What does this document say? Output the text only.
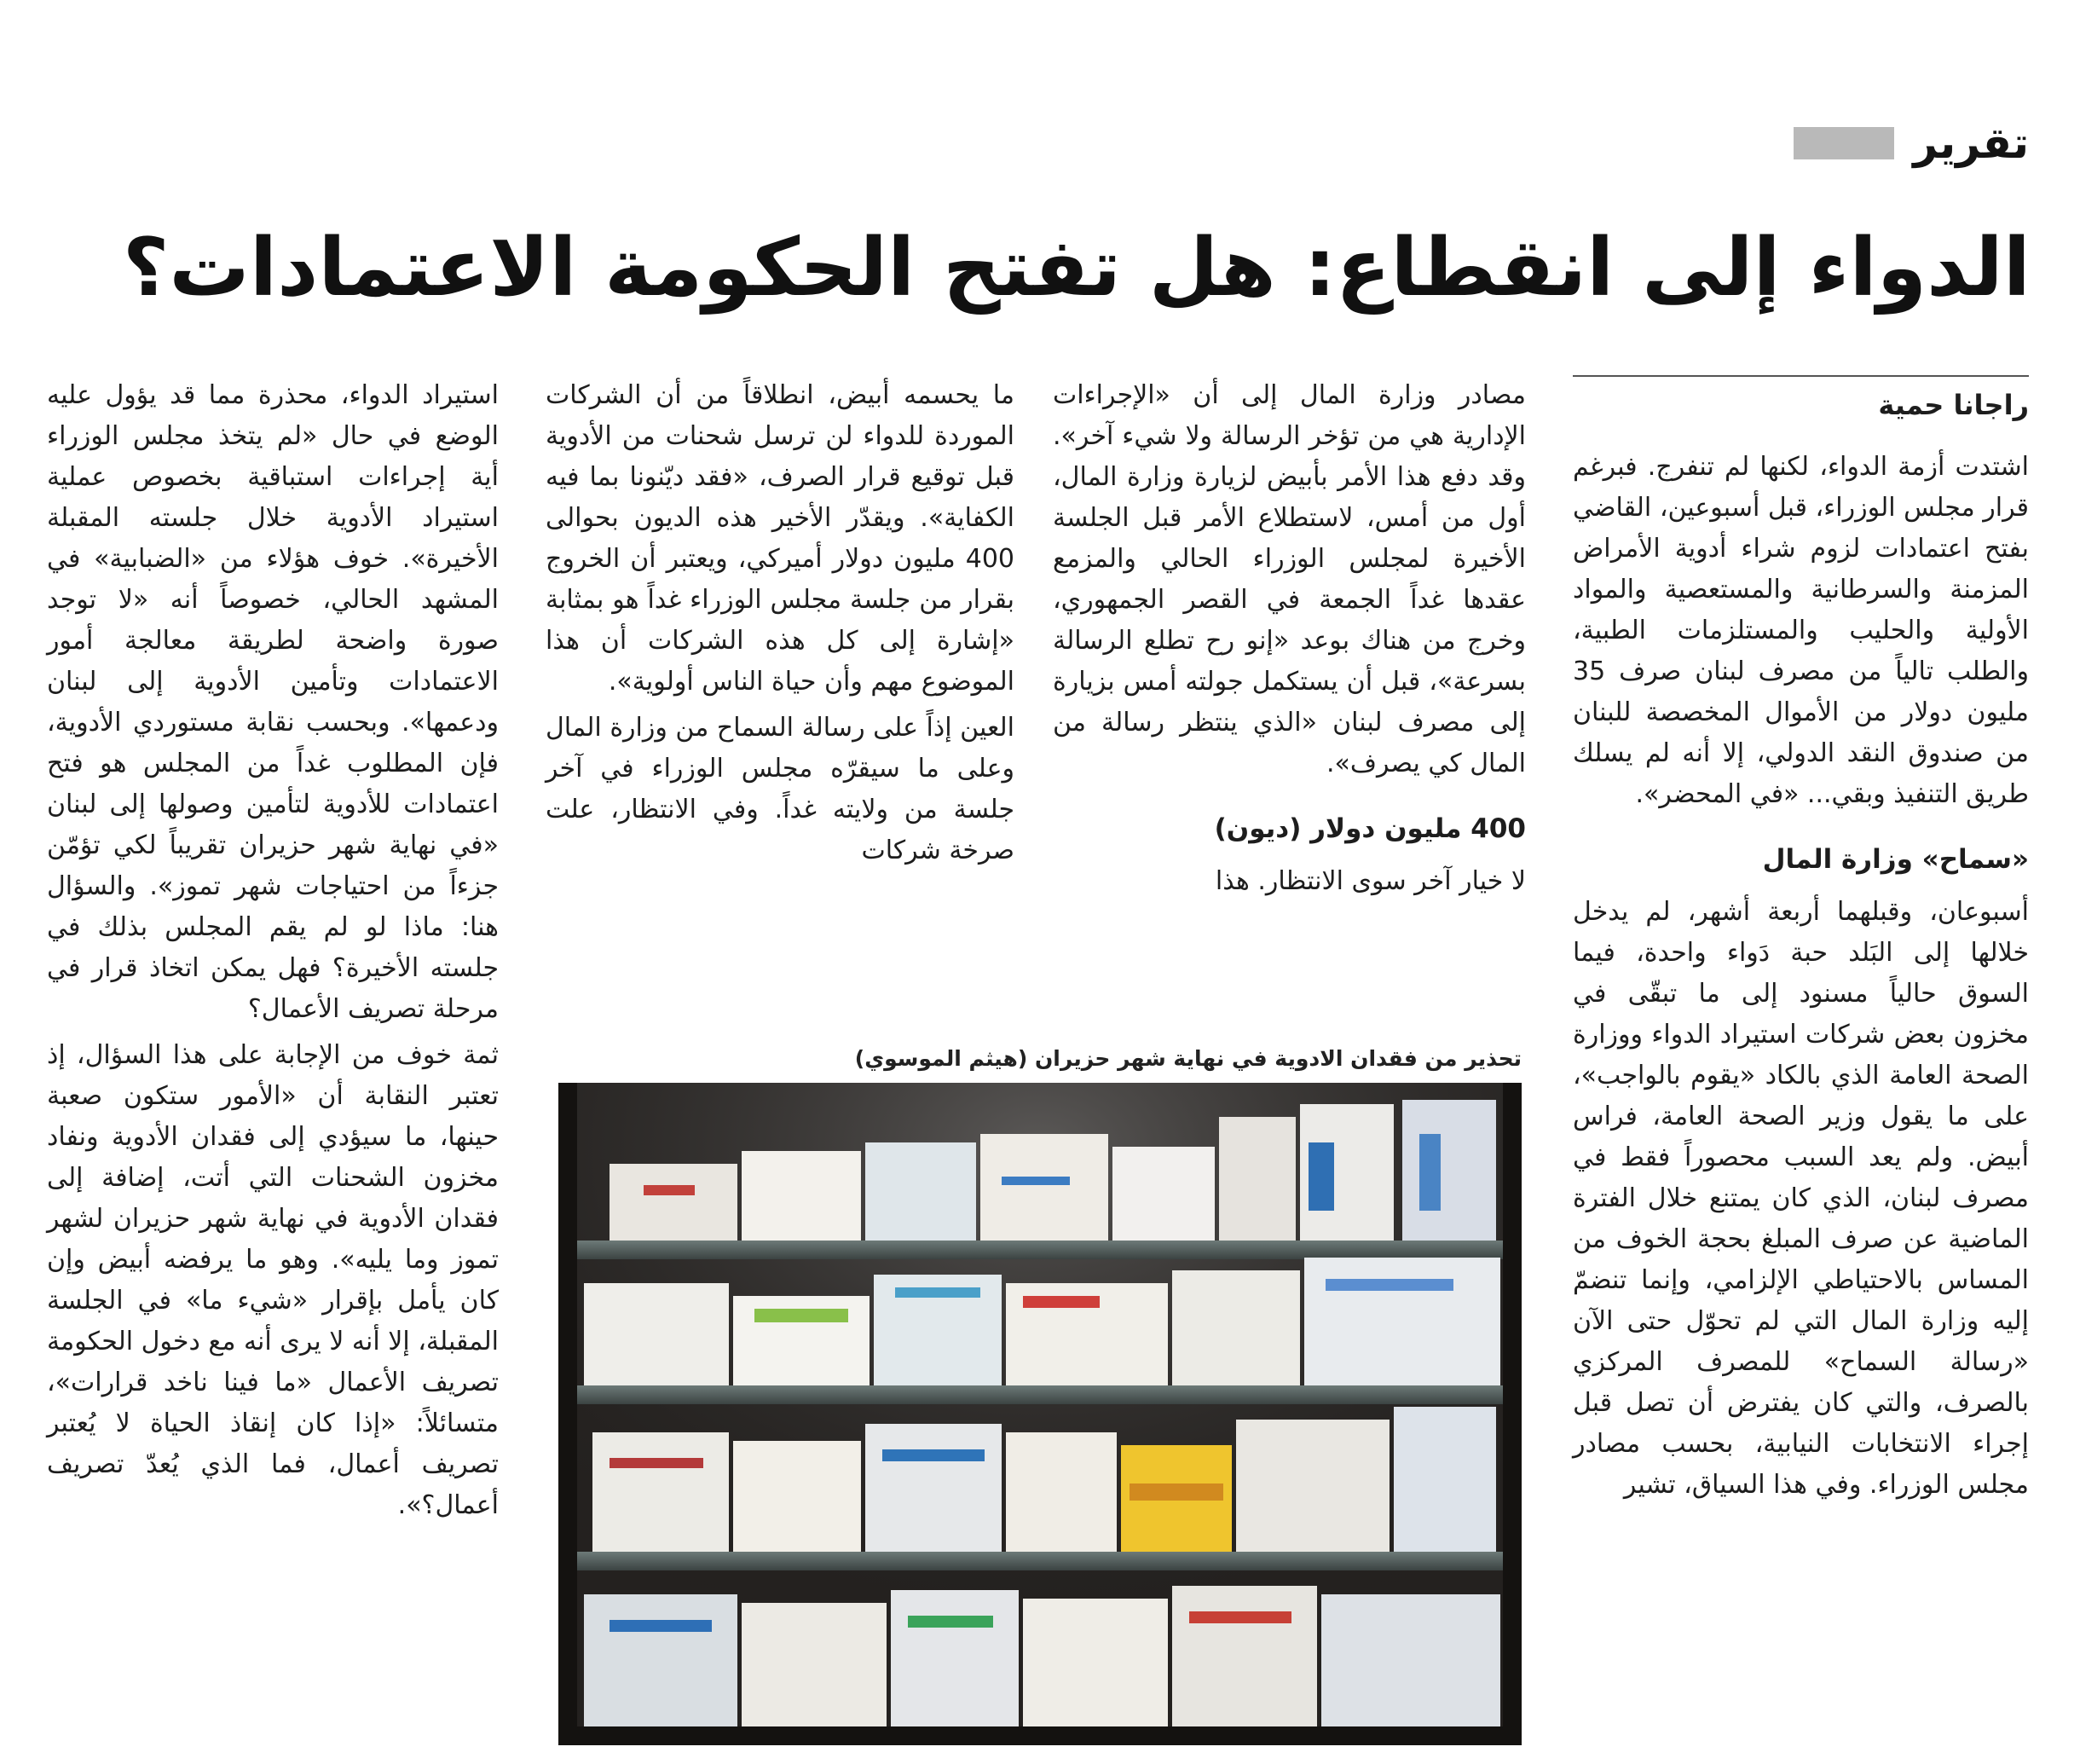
تقرير
الدواء إلى انقطاع: هل تفتح الحكومة الاعتمادات؟
راجانا حمية

اشتدت أزمة الدواء، لكنها لم تنفرج. فبرغم قرار مجلس الوزراء، قبل أسبوعين، القاضي بفتح اعتمادات لزوم شراء أدوية الأمراض المزمنة والسرطانية والمستعصية والمواد الأولية والحليب والمستلزمات الطبية، والطلب تالياً من مصرف لبنان صرف 35 مليون دولار من الأموال المخصصة للبنان من صندوق النقد الدولي، إلا أنه لم يسلك طريق التنفيذ وبقي... «في المحضر».

«سماح» وزارة المال

أسبوعان، وقبلهما أربعة أشهر، لم يدخل خلالها إلى البَلد حبة دَواء واحدة، فيما السوق حالياً مسنود إلى ما تبقّى في مخزون بعض شركات استيراد الدواء ووزارة الصحة العامة الذي بالكاد «يقوم بالواجب»، على ما يقول وزير الصحة العامة، فراس أبيض. ولم يعد السبب محصوراً فقط في مصرف لبنان، الذي كان يمتنع خلال الفترة الماضية عن صرف المبلغ بحجة الخوف من المساس بالاحتياطي الإلزامي، وإنما تنضمّ إليه وزارة المال التي لم تحوّل حتى الآن «رسالة السماح» للمصرف المركزي بالصرف، والتي كان يفترض أن تصل قبل إجراء الانتخابات النيابية، بحسب مصادر مجلس الوزراء. وفي هذا السياق، تشير

مصادر وزارة المال إلى أن «الإجراءات الإدارية هي من تؤخر الرسالة ولا شيء آخر». وقد دفع هذا الأمر بأبيض لزيارة وزارة المال، أول من أمس، لاستطلاع الأمر قبل الجلسة الأخيرة لمجلس الوزراء الحالي والمزمع عقدها غداً الجمعة في القصر الجمهوري، وخرج من هناك بوعد «إنو رح تطلع الرسالة بسرعة»، قبل أن يستكمل جولته أمس بزيارة إلى مصرف لبنان «الذي ينتظر رسالة من المال كي يصرف».

400 مليون دولار (ديون)

لا خيار آخر سوى الانتظار. هذا

ما يحسمه أبيض، انطلاقاً من أن الشركات الموردة للدواء لن ترسل شحنات من الأدوية قبل توقيع قرار الصرف، «فقد ديّنونا بما فيه الكفاية». ويقدّر الأخير هذه الديون بحوالى 400 مليون دولار أميركي، ويعتبر أن الخروج بقرار من جلسة مجلس الوزراء غداً هو بمثابة «إشارة إلى كل هذه الشركات أن هذا الموضوع مهم وأن حياة الناس أولوية».

العين إذاً على رسالة السماح من وزارة المال وعلى ما سيقرّه مجلس الوزراء في آخر جلسة من ولايته غداً. وفي الانتظار، علت صرخة شركات

استيراد الدواء، محذرة مما قد يؤول عليه الوضع في حال «لم يتخذ مجلس الوزراء أية إجراءات استباقية بخصوص عملية استيراد الأدوية خلال جلسته المقبلة الأخيرة». خوف هؤلاء من «الضبابية» في المشهد الحالي، خصوصاً أنه «لا توجد صورة واضحة لطريقة معالجة أمور الاعتمادات وتأمين الأدوية إلى لبنان ودعمها». وبحسب نقابة مستوردي الأدوية، فإن المطلوب غداً من المجلس هو فتح اعتمادات للأدوية لتأمين وصولها إلى لبنان «في نهاية شهر حزيران تقريباً لكي تؤمّن جزءاً من احتياجات شهر تموز». والسؤال هنا: ماذا لو لم يقم المجلس بذلك في جلسته الأخيرة؟ فهل يمكن اتخاذ قرار في مرحلة تصريف الأعمال؟

ثمة خوف من الإجابة على هذا السؤال، إذ تعتبر النقابة أن «الأمور ستكون صعبة حينها، ما سيؤدي إلى فقدان الأدوية ونفاد مخزون الشحنات التي أتت، إضافة إلى فقدان الأدوية في نهاية شهر حزيران لشهر تموز وما يليه». وهو ما يرفضه أبيض وإن كان يأمل بإقرار «شيء ما» في الجلسة المقبلة، إلا أنه لا يرى أنه مع دخول الحكومة تصريف الأعمال «ما فينا ناخد قرارات»، متسائلاً: «إذا كان إنقاذ الحياة لا يُعتبر تصريف أعمال، فما الذي يُعدّ تصريف أعمال؟».

تحذير من فقدان الادوية في نهاية شهر حزيران (هيثم الموسوي)
